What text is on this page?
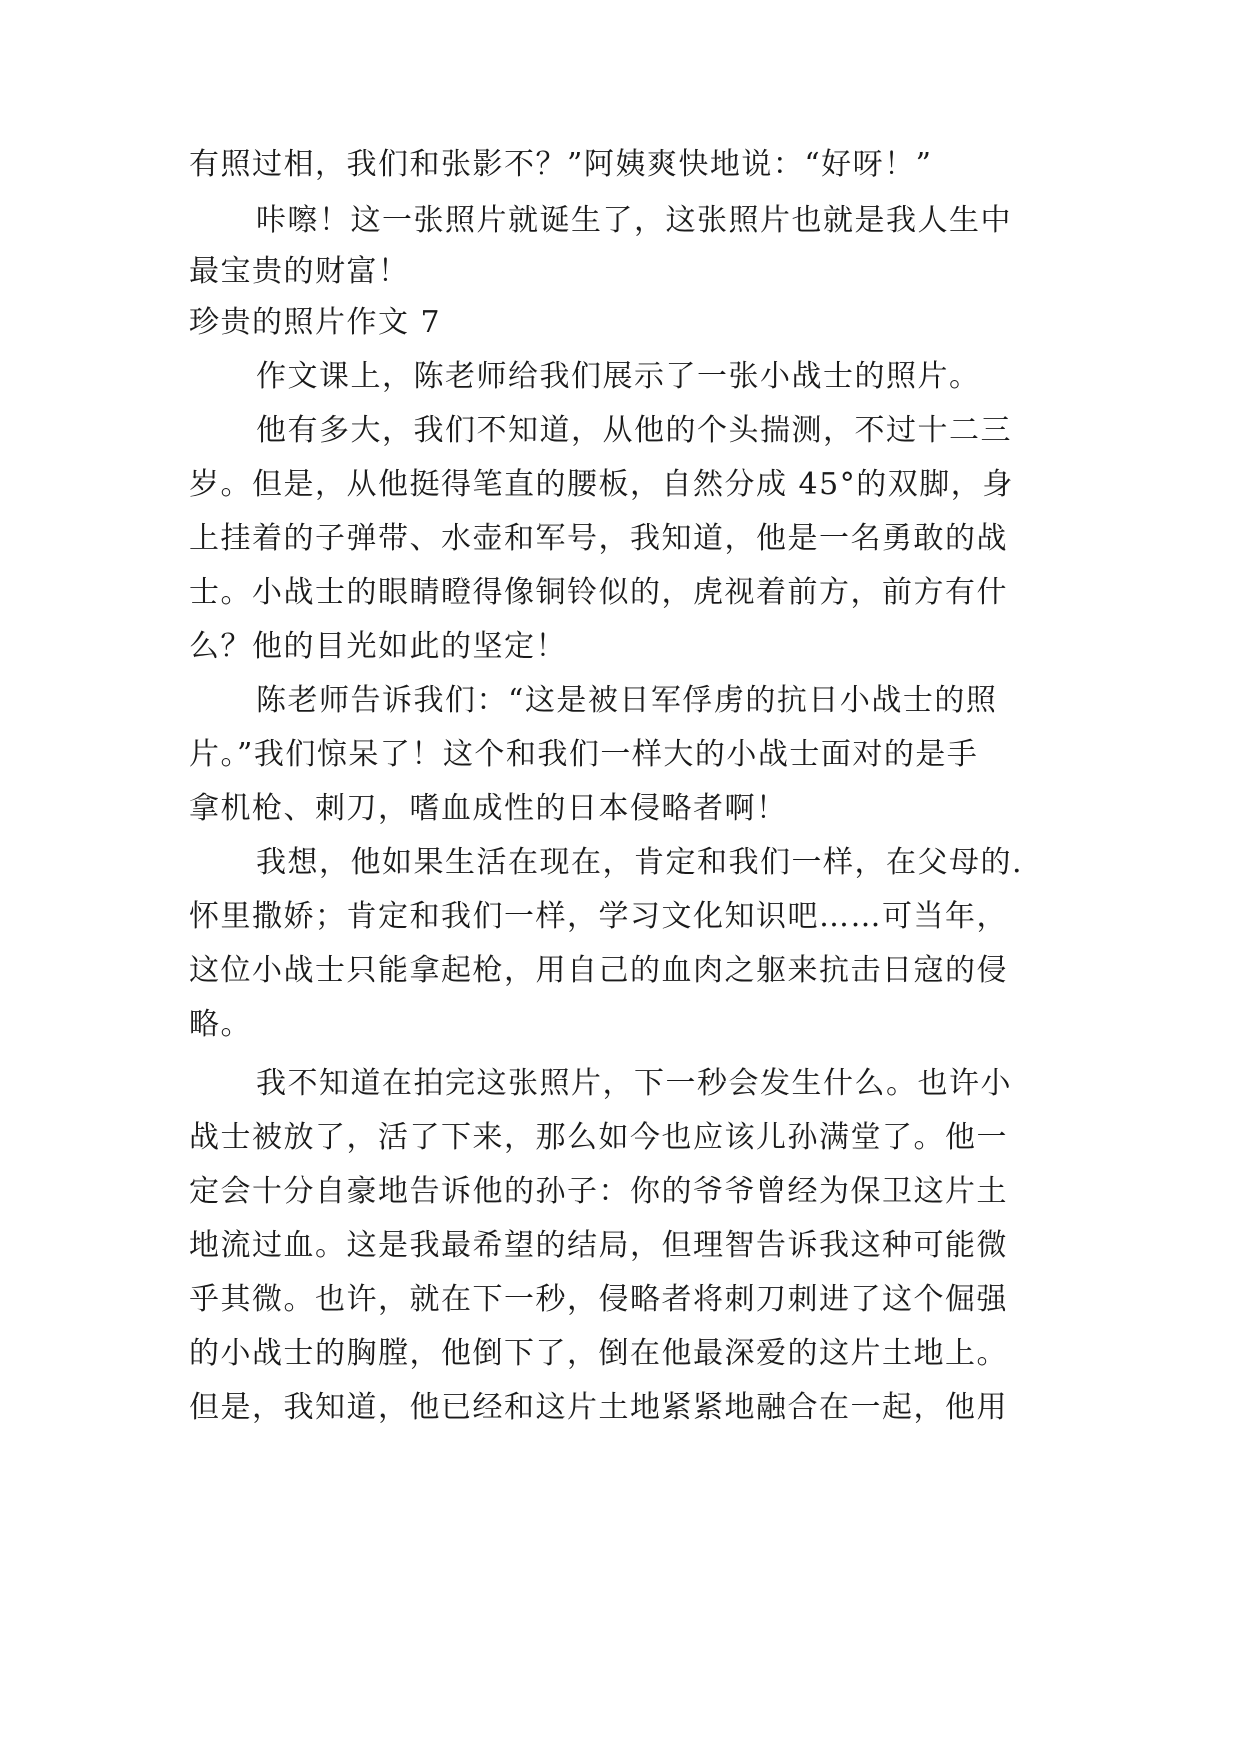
有照过相，我们和张影不？”阿姨爽快地说：“好呀！”
咔嚓！这一张照片就诞生了，这张照片也就是我人生中
最宝贵的财富！
珍贵的照片作文 7
作文课上，陈老师给我们展示了一张小战士的照片。
他有多大，我们不知道，从他的个头揣测，不过十二三
岁。但是，从他挺得笔直的腰板，自然分成 45°的双脚，身
上挂着的子弹带、水壶和军号，我知道，他是一名勇敢的战
士。小战士的眼睛瞪得像铜铃似的，虎视着前方，前方有什
么？他的目光如此的坚定！
陈老师告诉我们：“这是被日军俘虏的抗日小战士的照
片。”我们惊呆了！这个和我们一样大的小战士面对的是手
拿机枪、刺刀，嗜血成性的日本侵略者啊！
我想，他如果生活在现在，肯定和我们一样，在父母的.
怀里撒娇；肯定和我们一样，学习文化知识吧……可当年，
这位小战士只能拿起枪，用自己的血肉之躯来抗击日寇的侵
略。
我不知道在拍完这张照片，下一秒会发生什么。也许小
战士被放了，活了下来，那么如今也应该儿孙满堂了。他一
定会十分自豪地告诉他的孙子：你的爷爷曾经为保卫这片土
地流过血。这是我最希望的结局，但理智告诉我这种可能微
乎其微。也许，就在下一秒，侵略者将刺刀刺进了这个倔强
的小战士的胸膛，他倒下了，倒在他最深爱的这片土地上。
但是，我知道，他已经和这片土地紧紧地融合在一起，他用
